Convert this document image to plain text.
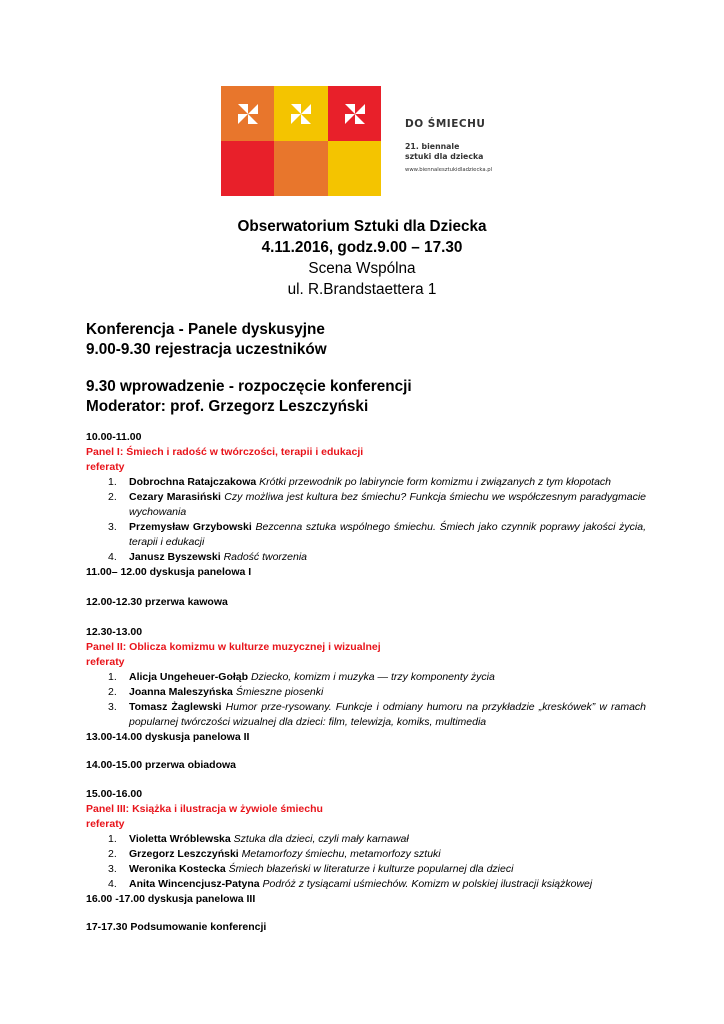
DO ŚMIECHU
21. biennale
sztuki dla dziecka
www.biennalesztukidladziecka.pl
Obserwatorium Sztuki dla Dziecka
4.11.2016, godz.9.00 – 17.30
Scena Wspólna
ul. R.Brandstaettera 1
Konferencja - Panele dyskusyjne
9.00-9.30 rejestracja uczestników
9.30 wprowadzenie - rozpoczęcie konferencji
Moderator: prof. Grzegorz Leszczyński
10.00-11.00
Panel I: Śmiech i radość w twórczości, terapii i edukacji
referaty
1. Dobrochna Ratajczakowa Krótki przewodnik po labiryncie form komizmu i związanych z tym kłopotach
2. Cezary Marasiński Czy możliwa jest kultura bez śmiechu? Funkcja śmiechu we współczesnym paradygmacie wychowania
3. Przemysław Grzybowski Bezcenna sztuka wspólnego śmiechu. Śmiech jako czynnik poprawy jakości życia, terapii i edukacji
4. Janusz Byszewski Radość tworzenia
11.00– 12.00 dyskusja panelowa I
12.00-12.30 przerwa kawowa
12.30-13.00
Panel II: Oblicza komizmu w kulturze muzycznej i wizualnej
referaty
1. Alicja Ungeheuer-Gołąb Dziecko, komizm i muzyka — trzy komponenty życia
2. Joanna Maleszyńska Śmieszne piosenki
3. Tomasz Żaglewski Humor prze-rysowany. Funkcje i odmiany humoru na przykładzie „kreskówek” w ramach popularnej twórczości wizualnej dla dzieci: film, telewizja, komiks, multimedia
13.00-14.00 dyskusja panelowa II
14.00-15.00 przerwa obiadowa
15.00-16.00
Panel III: Książka i ilustracja w żywiole śmiechu
referaty
1. Violetta Wróblewska Sztuka dla dzieci, czyli mały karnawał
2. Grzegorz Leszczyński Metamorfozy śmiechu, metamorfozy sztuki
3. Weronika Kostecka Śmiech błazeński w literaturze i kulturze popularnej dla dzieci
4. Anita Wincencjusz-Patyna Podróż z tysiącami uśmiechów. Komizm w polskiej ilustracji książkowej
16.00 -17.00 dyskusja panelowa III
17-17.30 Podsumowanie konferencji
